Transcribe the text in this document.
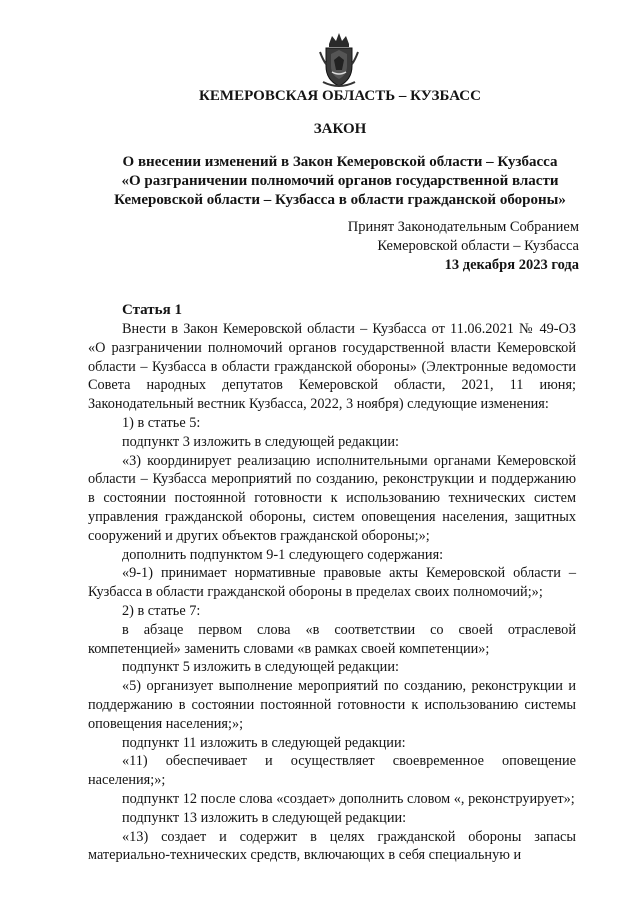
КЕМЕРОВСКАЯ ОБЛАСТЬ – КУЗБАСС
ЗАКОН
О внесении изменений в Закон Кемеровской области – Кузбасса
«О разграничении полномочий органов государственной власти
Кемеровской области – Кузбасса в области гражданской обороны»
Принят Законодательным Собранием
Кемеровской области – Кузбасса
13 декабря 2023 года
Статья 1

Внести в Закон Кемеровской области – Кузбасса от 11.06.2021 № 49-ОЗ «О разграничении полномочий органов государственной власти Кемеровской области – Кузбасса в области гражданской обороны» (Электронные ведомости Совета народных депутатов Кемеровской области, 2021, 11 июня; Законодательный вестник Кузбасса, 2022, 3 ноября) следующие изменения:

1) в статье 5:

подпункт 3 изложить в следующей редакции:

«3) координирует реализацию исполнительными органами Кемеровской области – Кузбасса мероприятий по созданию, реконструкции и поддержанию в состоянии постоянной готовности к использованию технических систем управления гражданской обороны, систем оповещения населения, защитных сооружений и других объектов гражданской обороны;»;

дополнить подпунктом 9-1 следующего содержания:

«9-1) принимает нормативные правовые акты Кемеровской области – Кузбасса в области гражданской обороны в пределах своих полномочий;»;

2) в статье 7:

в абзаце первом слова «в соответствии со своей отраслевой компетенцией» заменить словами «в рамках своей компетенции»;

подпункт 5 изложить в следующей редакции:

«5) организует выполнение мероприятий по созданию, реконструкции и поддержанию в состоянии постоянной готовности к использованию системы оповещения населения;»;

подпункт 11 изложить в следующей редакции:

«11) обеспечивает и осуществляет своевременное оповещение населения;»;

подпункт 12 после слова «создает» дополнить словом «, реконструирует»;

подпункт 13 изложить в следующей редакции:

«13) создает и содержит в целях гражданской обороны запасы материально-технических средств, включающих в себя специальную и
